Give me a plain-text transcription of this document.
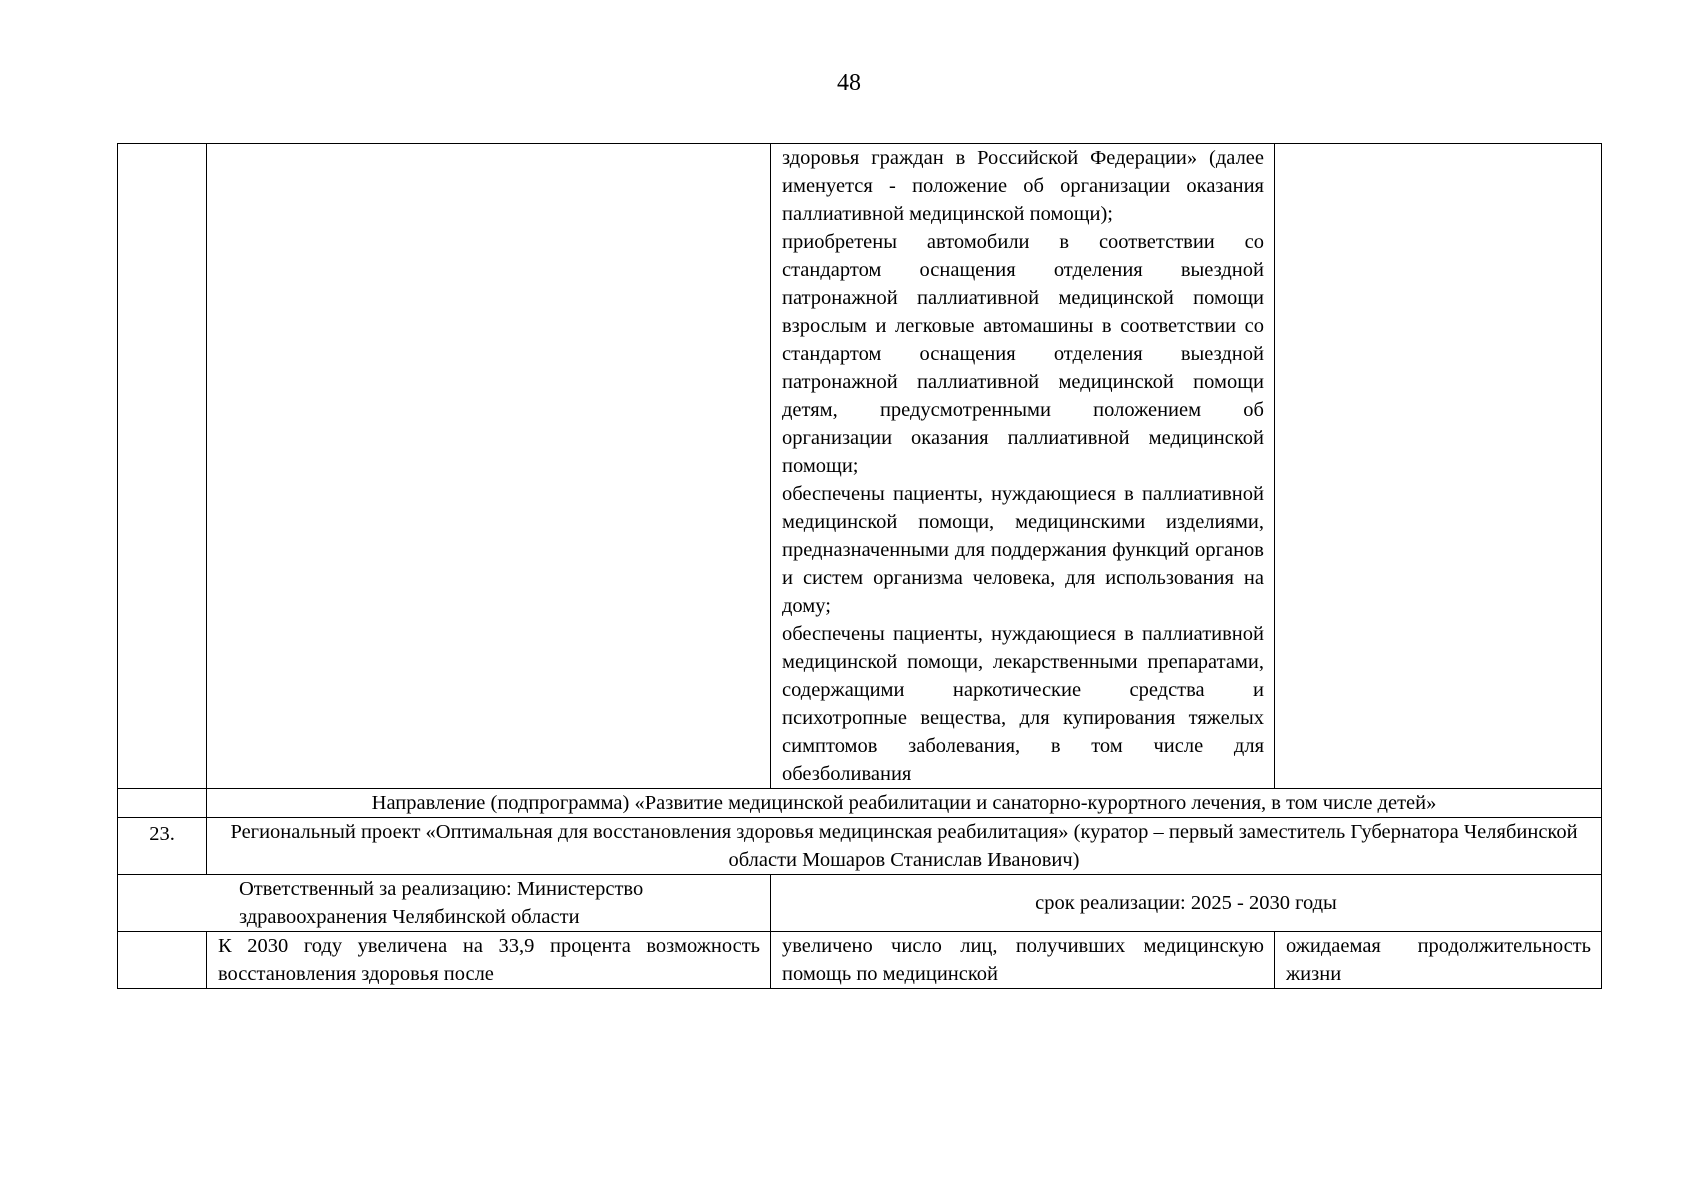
48

		здоровья граждан в Российской Федерации» (далее именуется - положение об организации оказания паллиативной медицинской помощи);

приобретены автомобили в соответствии со стандартом оснащения отделения выездной патронажной паллиативной медицинской помощи взрослым и легковые автомашины в соответствии со стандартом оснащения отделения выездной патронажной паллиативной медицинской помощи детям, предусмотренными положением об организации оказания паллиативной медицинской помощи;

обеспечены пациенты, нуждающиеся в паллиативной медицинской помощи, медицинскими изделиями, предназначенными для поддержания функций органов и систем организма человека, для использования на дому;

обеспечены пациенты, нуждающиеся в паллиативной медицинской помощи, лекарственными препаратами, содержащими наркотические средства и психотропные вещества, для купирования тяжелых симптомов заболевания, в том числе для обезболивания	

	Направление (подпрограмма) «Развитие медицинской реабилитации и санаторно-курортного лечения, в том числе детей»		
23.	Региональный проект «Оптимальная для восстановления здоровья медицинская реабилитация» (куратор – первый заместитель Губернатора Челябинской области Мошаров Станислав Иванович)		
Ответственный за реализацию: Министерство здравоохранения Челябинской области		срок реализации: 2025 - 2030 годы	

	К 2030 году увеличена на 33,9 процента возможность восстановления здоровья после	увеличено число лиц, получивших медицинскую помощь по медицинской	ожидаемая продолжительность жизни
